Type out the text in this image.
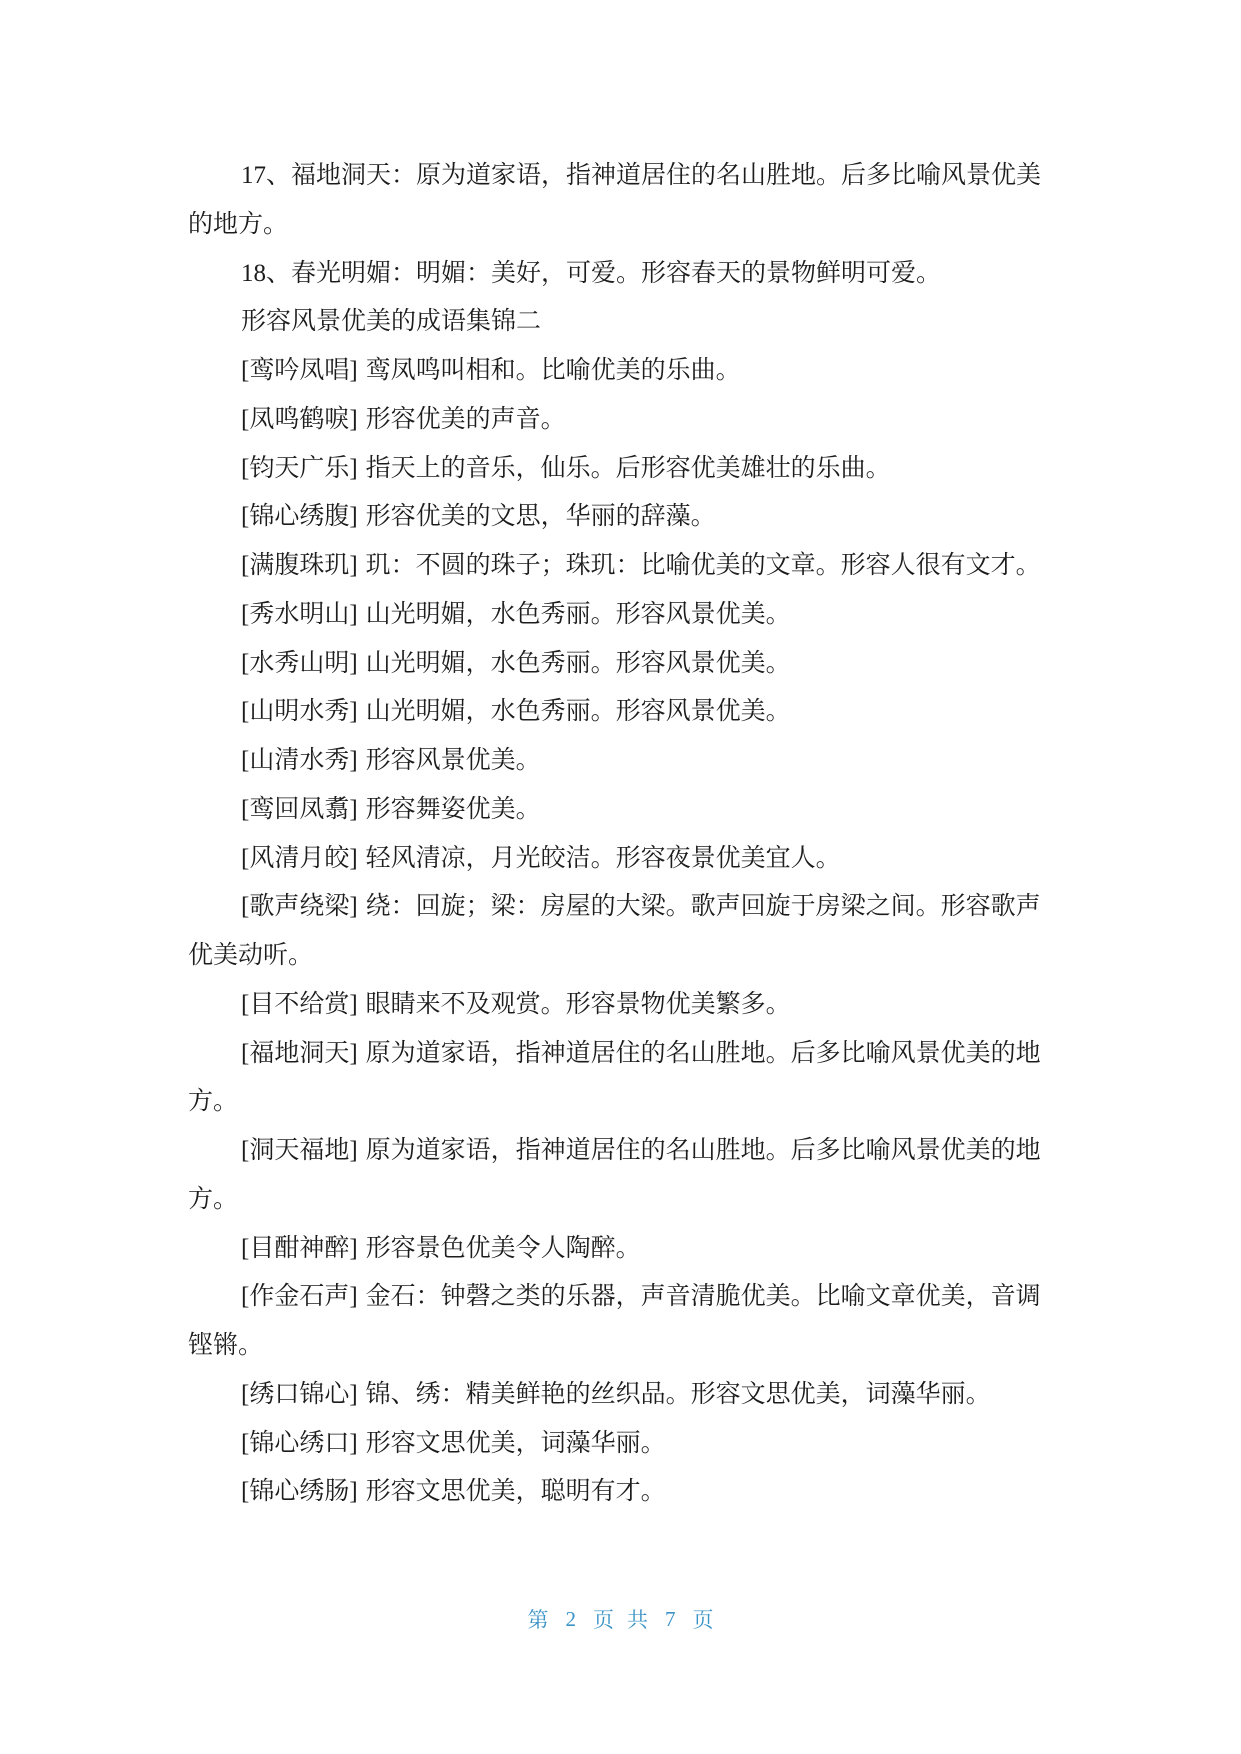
17、福地洞天：原为道家语，指神道居住的名山胜地。后多比喻风景优美
的地方。
18、春光明媚：明媚：美好，可爱。形容春天的景物鲜明可爱。
形容风景优美的成语集锦二
[鸾吟凤唱] 鸾凤鸣叫相和。比喻优美的乐曲。
[凤鸣鹤唳] 形容优美的声音。
[钧天广乐] 指天上的音乐，仙乐。后形容优美雄壮的乐曲。
[锦心绣腹] 形容优美的文思，华丽的辞藻。
[满腹珠玑] 玑：不圆的珠子；珠玑：比喻优美的文章。形容人很有文才。
[秀水明山] 山光明媚，水色秀丽。形容风景优美。
[水秀山明] 山光明媚，水色秀丽。形容风景优美。
[山明水秀] 山光明媚，水色秀丽。形容风景优美。
[山清水秀] 形容风景优美。
[鸾回凤翥] 形容舞姿优美。
[风清月皎] 轻风清凉，月光皎洁。形容夜景优美宜人。
[歌声绕梁] 绕：回旋；梁：房屋的大梁。歌声回旋于房梁之间。形容歌声
优美动听。
[目不给赏] 眼睛来不及观赏。形容景物优美繁多。
[福地洞天] 原为道家语，指神道居住的名山胜地。后多比喻风景优美的地
方。
[洞天福地] 原为道家语，指神道居住的名山胜地。后多比喻风景优美的地
方。
[目酣神醉] 形容景色优美令人陶醉。
[作金石声] 金石：钟磬之类的乐器，声音清脆优美。比喻文章优美，音调
铿锵。
[绣口锦心] 锦、绣：精美鲜艳的丝织品。形容文思优美，词藻华丽。
[锦心绣口] 形容文思优美，词藻华丽。
[锦心绣肠] 形容文思优美，聪明有才。
第 2 页共 7 页
